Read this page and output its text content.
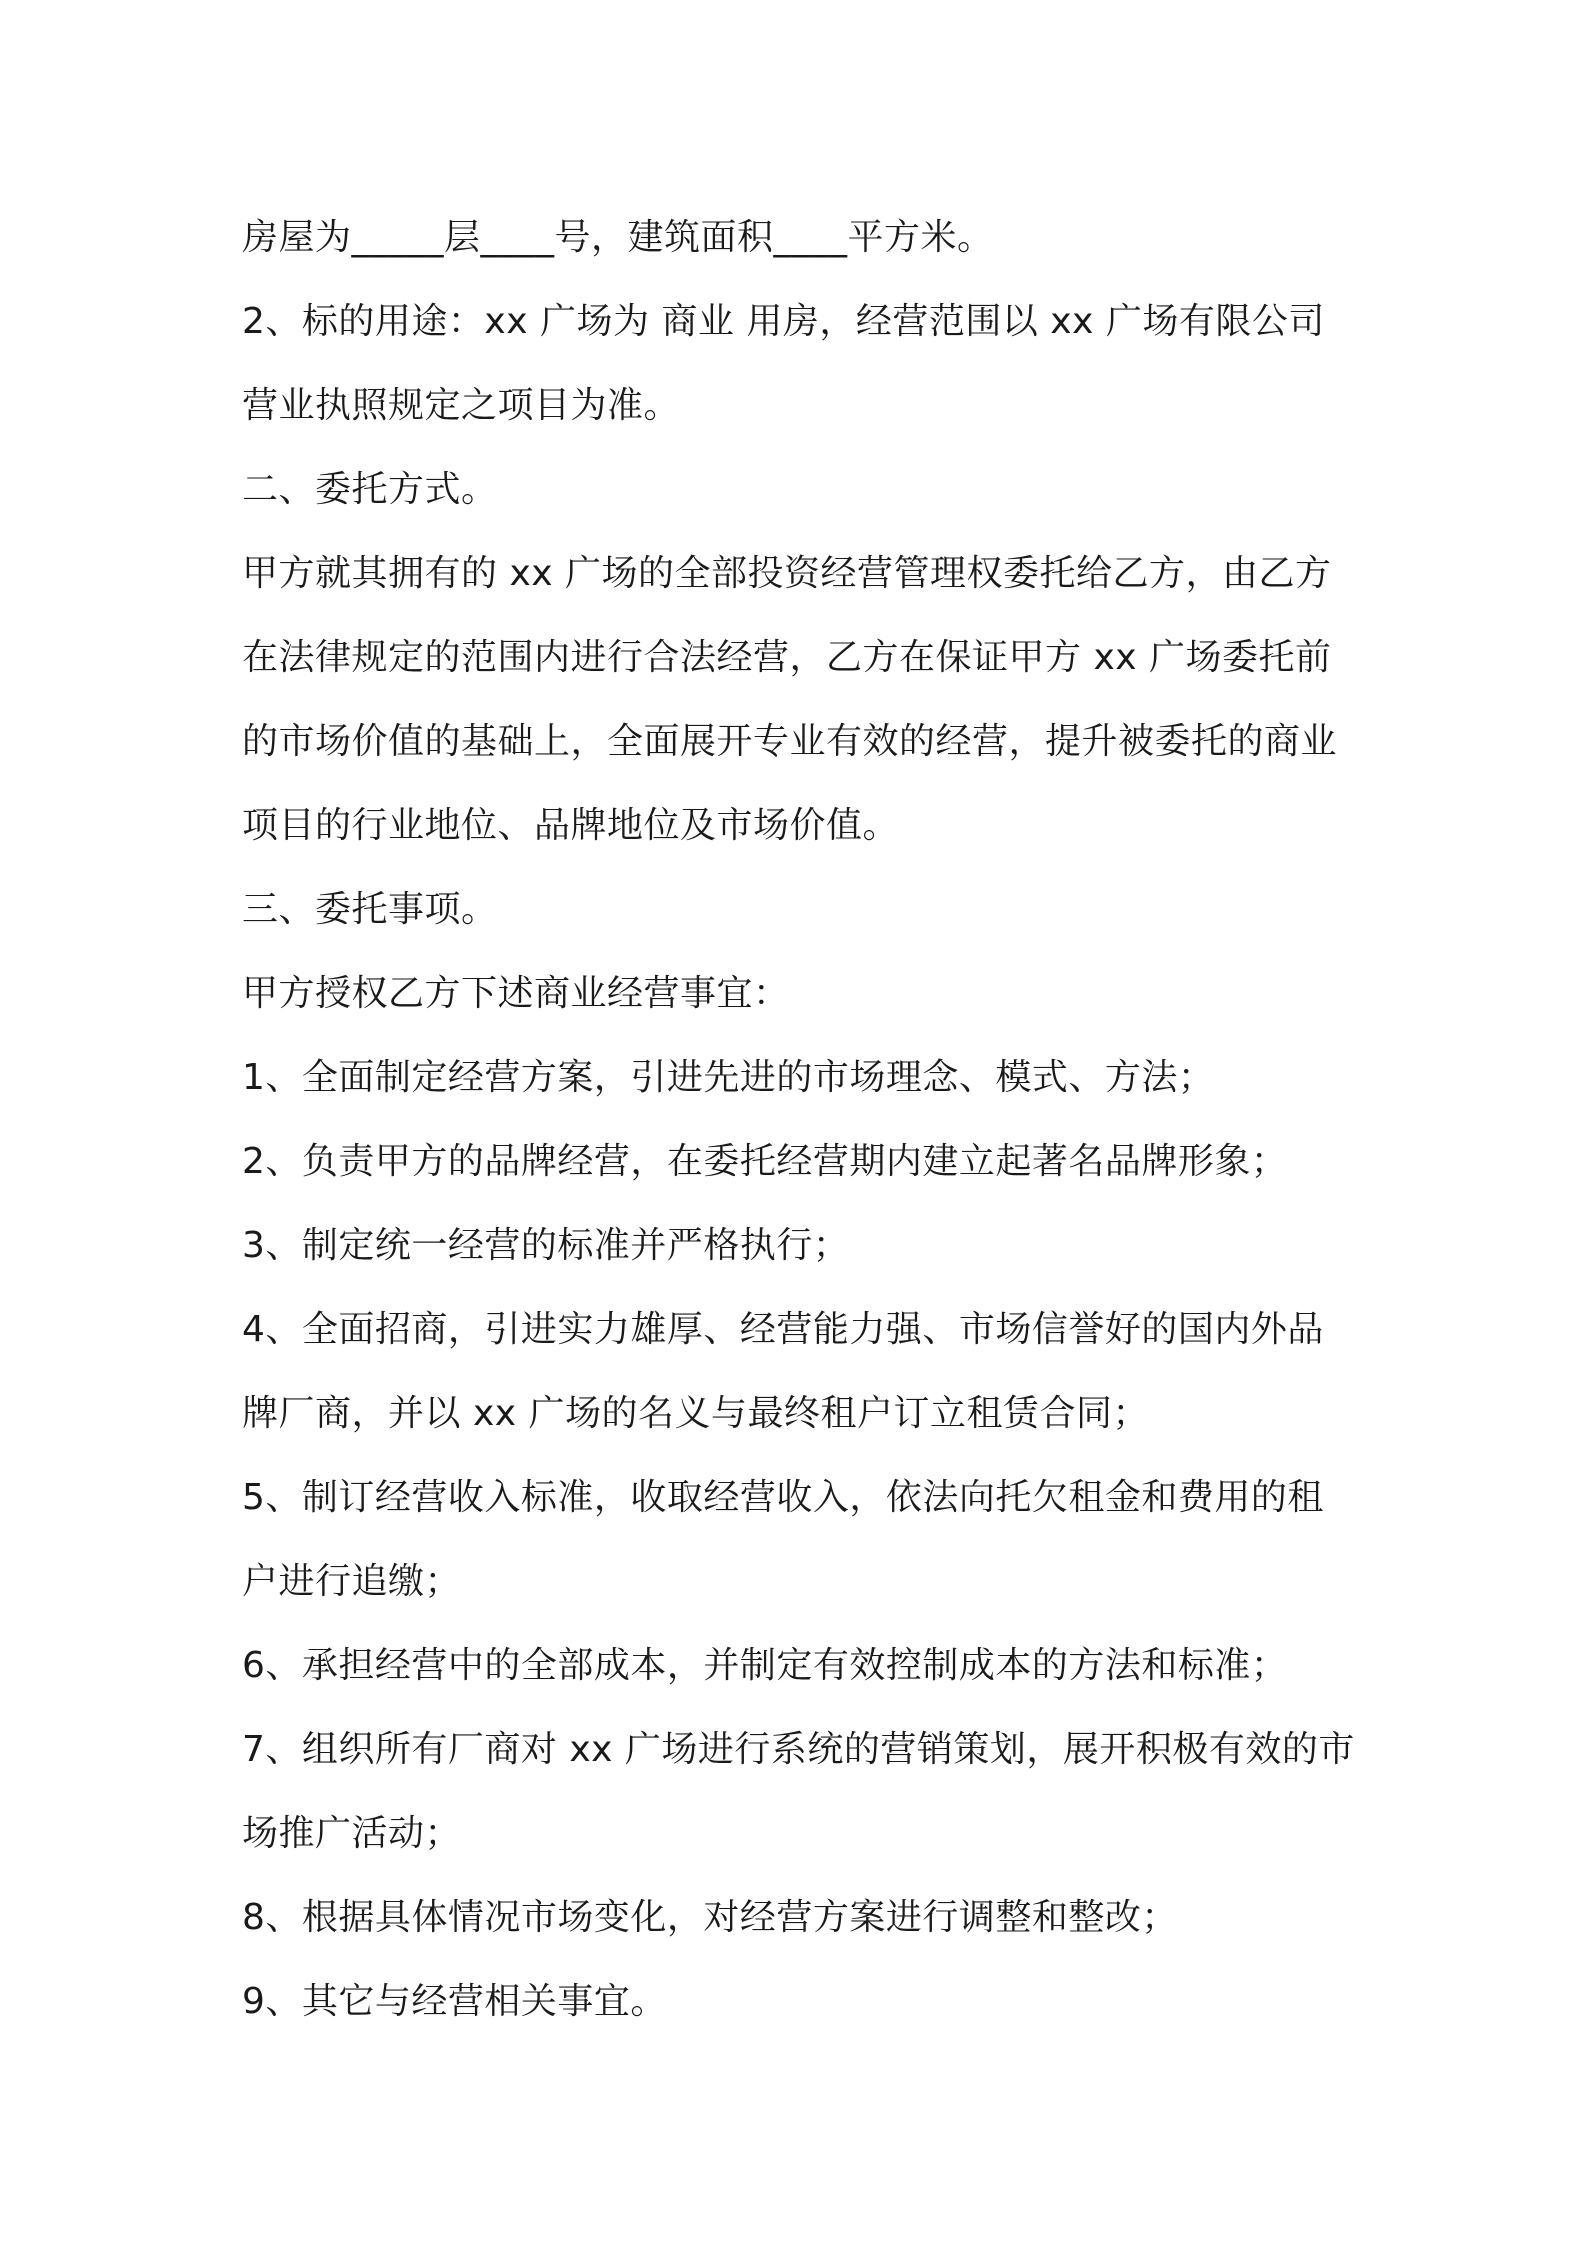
房屋为_____层____号，建筑面积____平方米。
2、标的用途：xx 广场为 商业 用房，经营范围以 xx 广场有限公司
营业执照规定之项目为准。
二、委托方式。
甲方就其拥有的 xx 广场的全部投资经营管理权委托给乙方，由乙方
在法律规定的范围内进行合法经营，乙方在保证甲方 xx 广场委托前
的市场价值的基础上，全面展开专业有效的经营，提升被委托的商业
项目的行业地位、品牌地位及市场价值。
三、委托事项。
甲方授权乙方下述商业经营事宜：
1、全面制定经营方案，引进先进的市场理念、模式、方法；
2、负责甲方的品牌经营，在委托经营期内建立起著名品牌形象；
3、制定统一经营的标准并严格执行；
4、全面招商，引进实力雄厚、经营能力强、市场信誉好的国内外品
牌厂商，并以 xx 广场的名义与最终租户订立租赁合同；
5、制订经营收入标准，收取经营收入，依法向托欠租金和费用的租
户进行追缴；
6、承担经营中的全部成本，并制定有效控制成本的方法和标准；
7、组织所有厂商对 xx 广场进行系统的营销策划，展开积极有效的市
场推广活动；
8、根据具体情况市场变化，对经营方案进行调整和整改；
9、其它与经营相关事宜。
